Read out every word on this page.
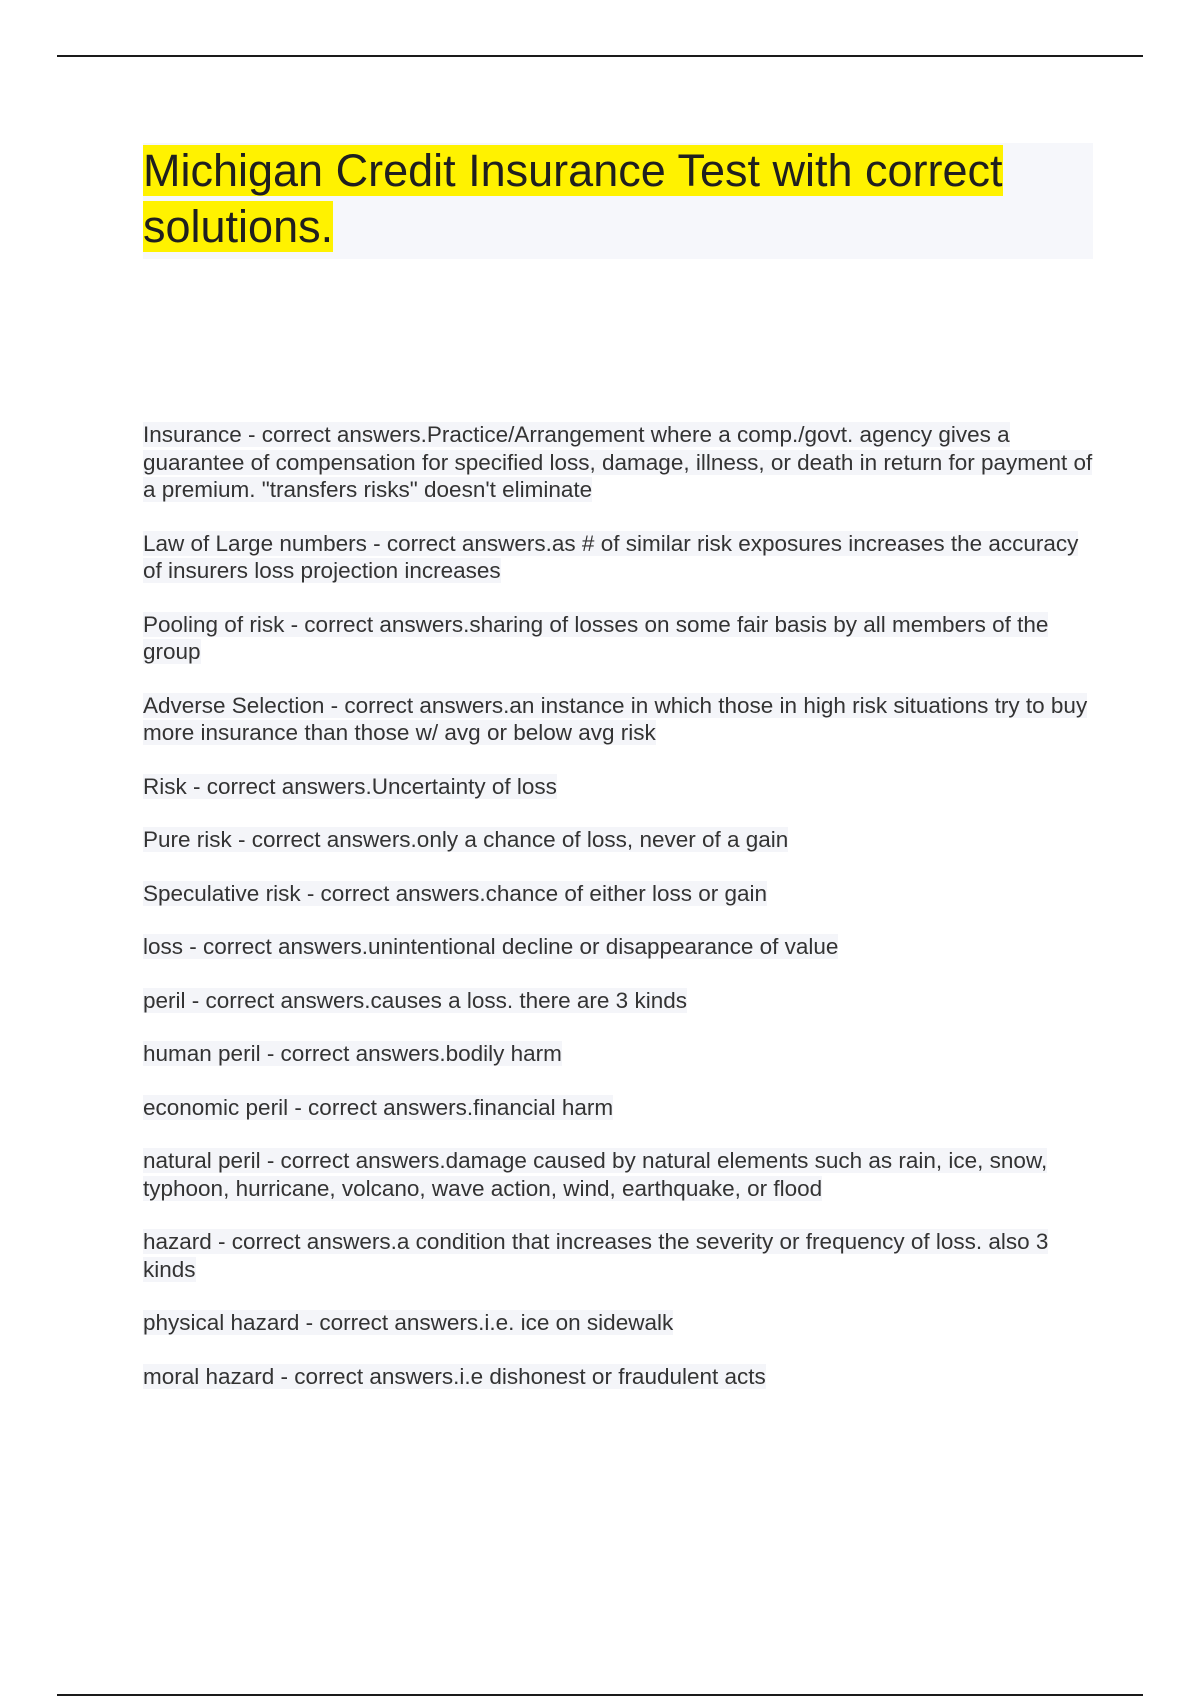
Michigan Credit Insurance Test with correct solutions.

Insurance - correct answers.Practice/Arrangement where a comp./govt. agency gives a guarantee of compensation for specified loss, damage, illness, or death in return for payment of a premium. "transfers risks" doesn't eliminate

Law of Large numbers - correct answers.as # of similar risk exposures increases the accuracy of insurers loss projection increases

Pooling of risk - correct answers.sharing of losses on some fair basis by all members of the group

Adverse Selection - correct answers.an instance in which those in high risk situations try to buy more insurance than those w/ avg or below avg risk

Risk - correct answers.Uncertainty of loss

Pure risk - correct answers.only a chance of loss, never of a gain

Speculative risk - correct answers.chance of either loss or gain

loss - correct answers.unintentional decline or disappearance of value

peril - correct answers.causes a loss. there are 3 kinds

human peril - correct answers.bodily harm

economic peril - correct answers.financial harm

natural peril - correct answers.damage caused by natural elements such as rain, ice, snow, typhoon, hurricane, volcano, wave action, wind, earthquake, or flood

hazard - correct answers.a condition that increases the severity or frequency of loss. also 3 kinds

physical hazard - correct answers.i.e. ice on sidewalk

moral hazard - correct answers.i.e dishonest or fraudulent acts
